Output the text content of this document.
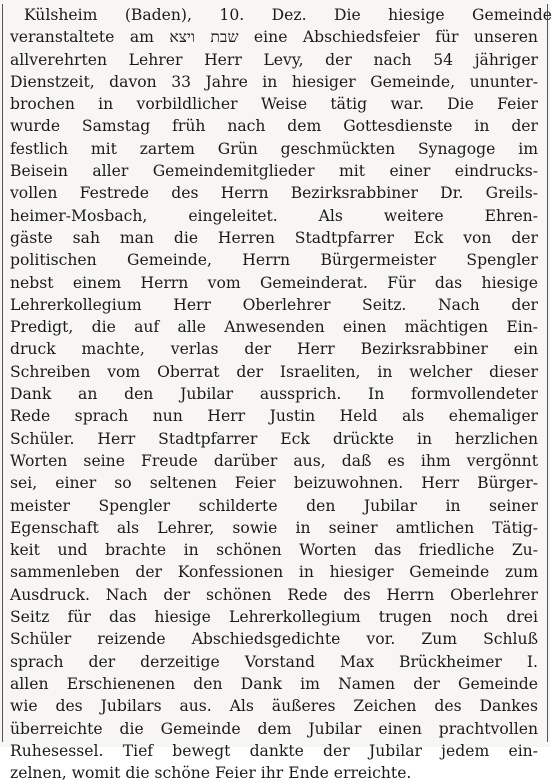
Külsheim (Baden), 10. Dez. Die hiesige Gemeinde
veranstaltete am שבת ויצא eine Abschiedsfeier für unseren
allverehrten Lehrer Herr Levy, der nach 54 jähriger
Dienstzeit, davon 33 Jahre in hiesiger Gemeinde, ununter-
brochen in vorbildlicher Weise tätig war. Die Feier
wurde Samstag früh nach dem Gottesdienste in der
festlich mit zartem Grün geschmückten Synagoge im
Beisein aller Gemeindemitglieder mit einer eindrucks-
vollen Festrede des Herrn Bezirksrabbiner Dr. Greils-
heimer-Mosbach, eingeleitet. Als weitere Ehren-
gäste sah man die Herren Stadtpfarrer Eck von der
politischen Gemeinde, Herrn Bürgermeister Spengler
nebst einem Herrn vom Gemeinderat. Für das hiesige
Lehrerkollegium Herr Oberlehrer Seitz. Nach der
Predigt, die auf alle Anwesenden einen mächtigen Ein-
druck machte, verlas der Herr Bezirksrabbiner ein
Schreiben vom Oberrat der Israeliten, in welcher dieser
Dank an den Jubilar aussprich. In formvollendeter
Rede sprach nun Herr Justin Held als ehemaliger
Schüler. Herr Stadtpfarrer Eck drückte in herzlichen
Worten seine Freude darüber aus, daß es ihm vergönnt
sei, einer so seltenen Feier beizuwohnen. Herr Bürger-
meister Spengler schilderte den Jubilar in seiner
Egenschaft als Lehrer, sowie in seiner amtlichen Tätig-
keit und brachte in schönen Worten das friedliche Zu-
sammenleben der Konfessionen in hiesiger Gemeinde zum
Ausdruck. Nach der schönen Rede des Herrn Oberlehrer
Seitz für das hiesige Lehrerkollegium trugen noch drei
Schüler reizende Abschiedsgedichte vor. Zum Schluß
sprach der derzeitige Vorstand Max Brückheimer I.
allen Erschienenen den Dank im Namen der Gemeinde
wie des Jubilars aus. Als äußeres Zeichen des Dankes
überreichte die Gemeinde dem Jubilar einen prachtvollen
Ruhesessel. Tief bewegt dankte der Jubilar jedem ein-
zelnen, womit die schöne Feier ihr Ende erreichte.
